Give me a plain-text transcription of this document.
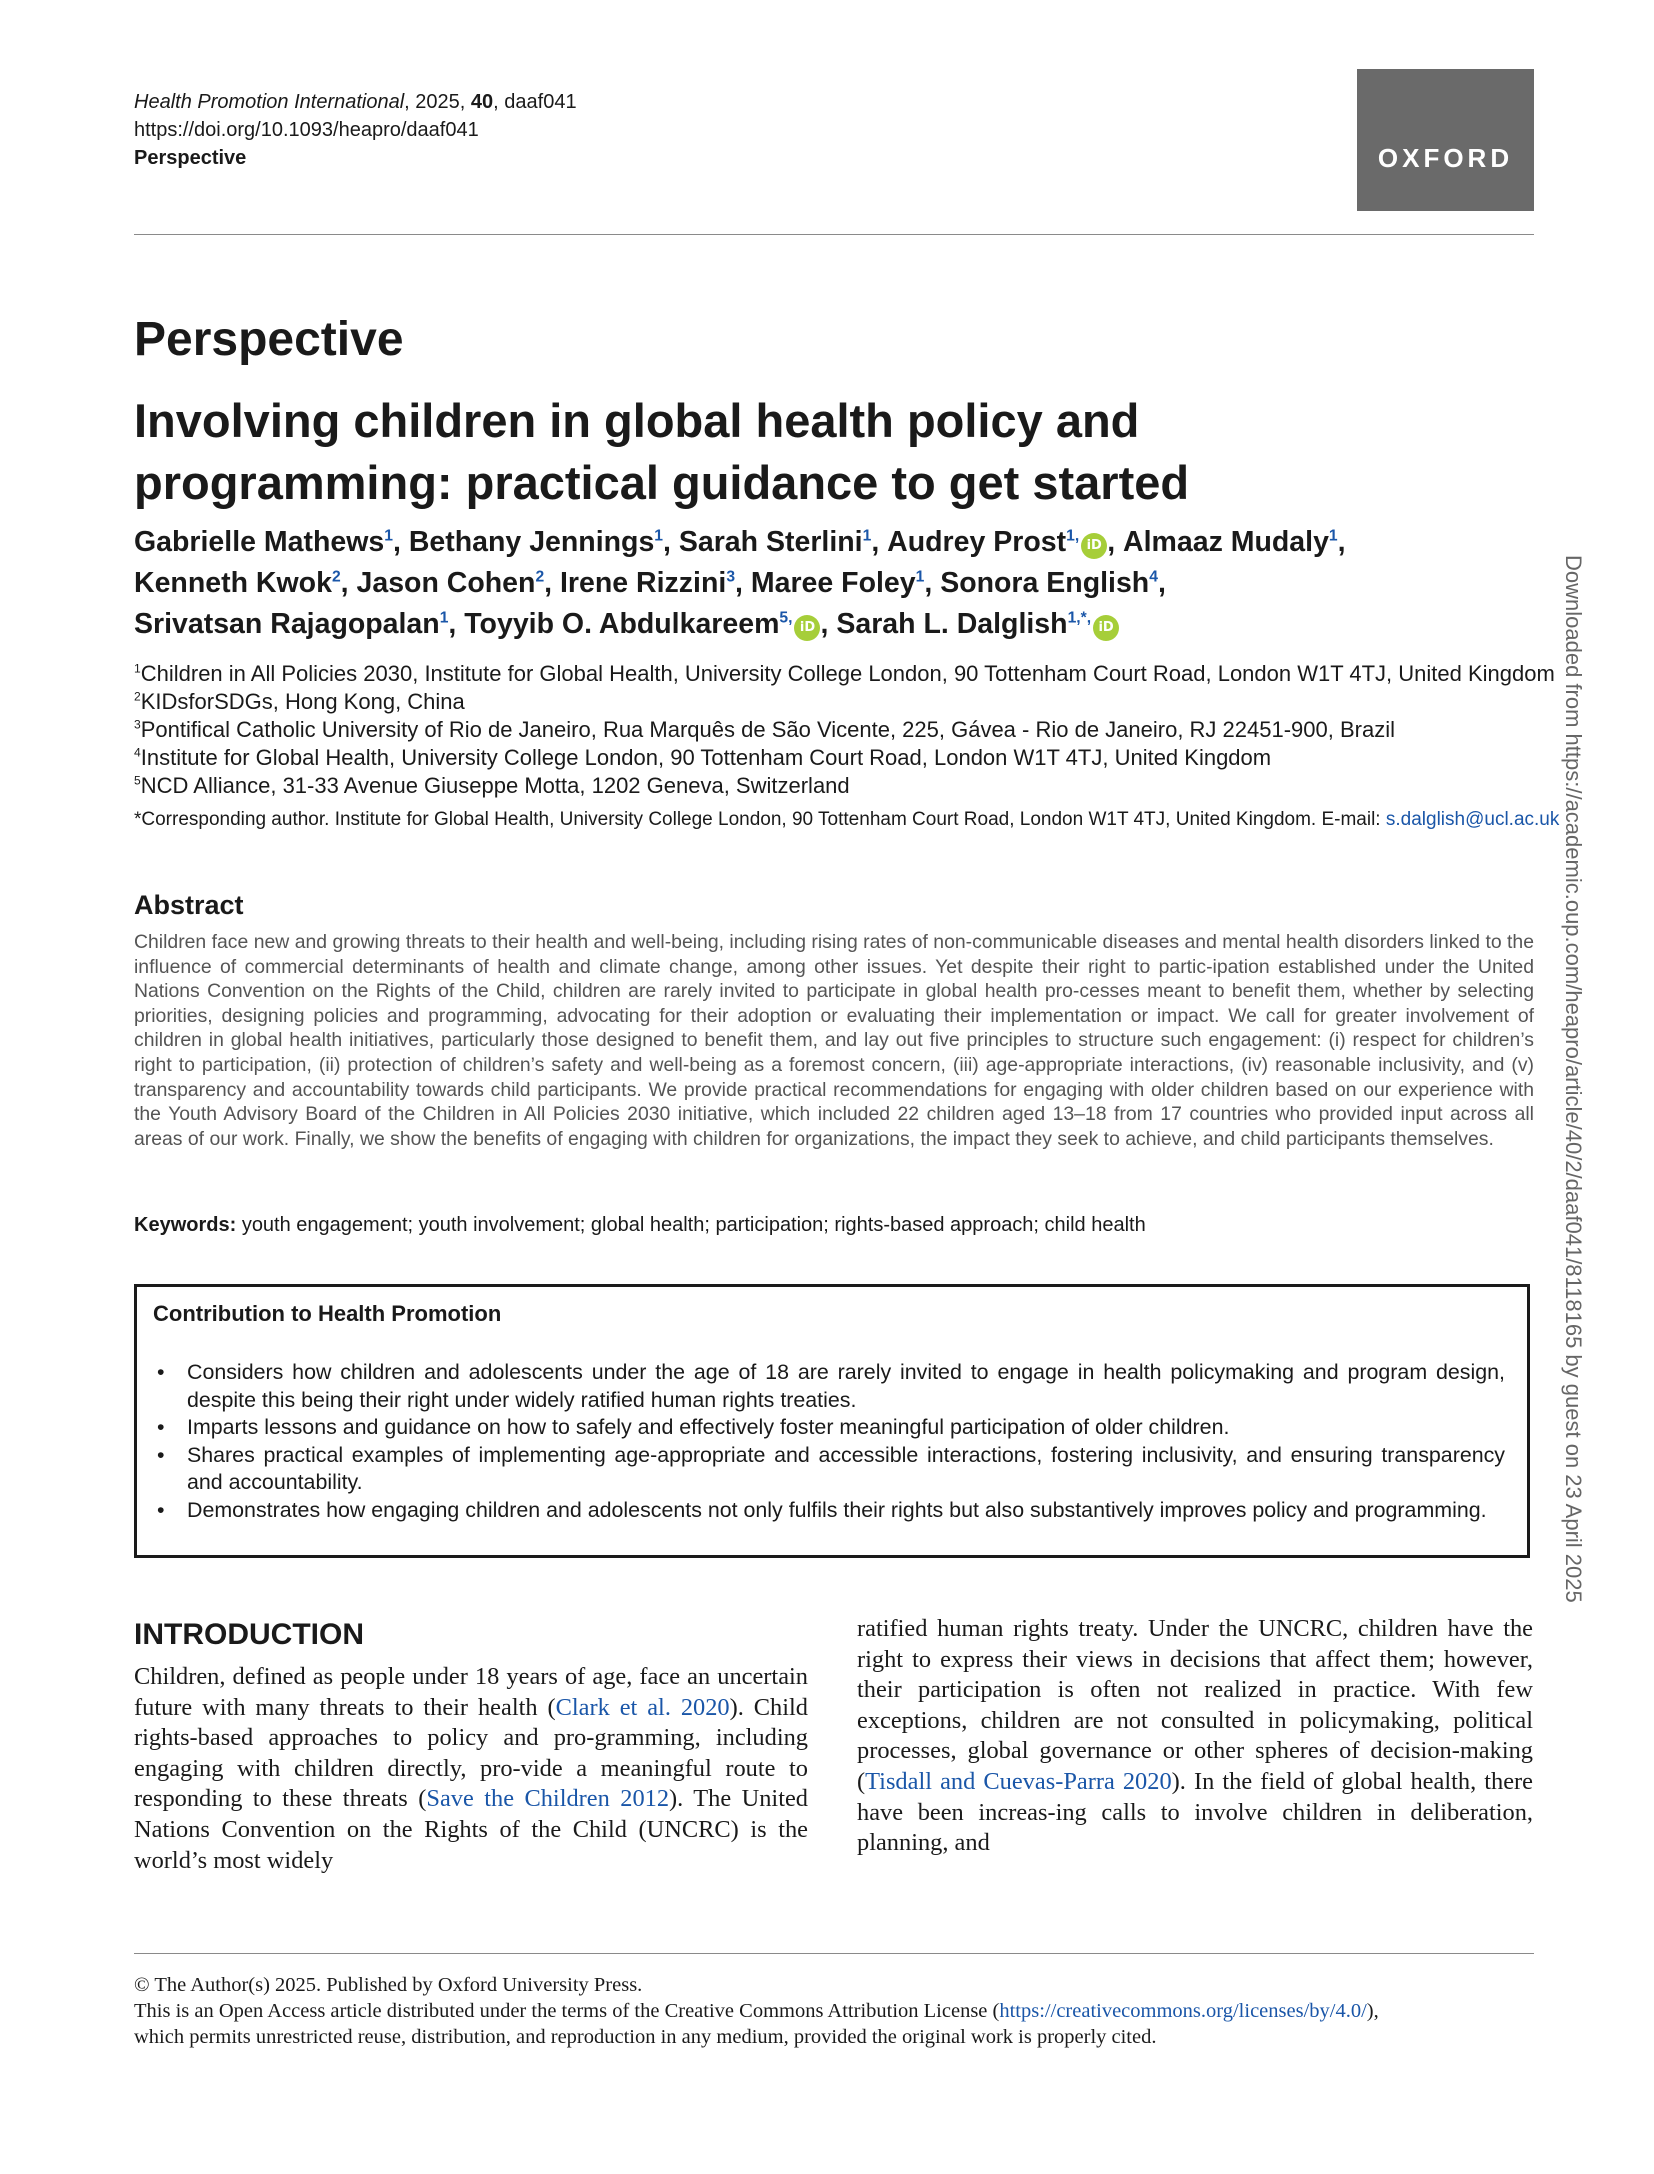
Health Promotion International, 2025, 40, daaf041
https://doi.org/10.1093/heapro/daaf041
Perspective	OXFORD
Perspective
Involving children in global health policy and
programming: practical guidance to get started
Gabrielle Mathews$^1$, Bethany Jennings$^1$, Sarah Sterlini$^1$, Audrey Prost$^{1,}$iD , Almaaz Mudaly$^1$,
Kenneth Kwok$^2$, Jason Cohen$^2$, Irene Rizzini$^3$, Maree Foley$^1$, Sonora English$^4$,
Srivatsan Rajagopalan$^1$, Toyyib O. Abdulkareem$^{5,}$iD , Sarah L. Dalglish$^{1,*,}$iD
$^1$Children in All Policies 2030, Institute for Global Health, University College London, 90 Tottenham Court Road, London W1T 4TJ, United Kingdom
$^2$KIDsforSDGs, Hong Kong, China
$^3$Pontifical Catholic University of Rio de Janeiro, Rua Marquês de São Vicente, 225, Gávea - Rio de Janeiro, RJ 22451-900, Brazil
$^4$Institute for Global Health, University College London, 90 Tottenham Court Road, London W1T 4TJ, United Kingdom
$^5$NCD Alliance, 31-33 Avenue Giuseppe Motta, 1202 Geneva, Switzerland
*Corresponding author. Institute for Global Health, University College London, 90 Tottenham Court Road, London W1T 4TJ, United Kingdom. E-mail: s.dalglish@ucl.ac.uk
Abstract

Children face new and growing threats to their health and well-being, including rising rates of non-communicable diseases and mental health disorders linked to the influence of commercial determinants of health and climate change, among other issues. Yet despite their right to partic-ipation established under the United Nations Convention on the Rights of the Child, children are rarely invited to participate in global health pro-cesses meant to benefit them, whether by selecting priorities, designing policies and programming, advocating for their adoption or evaluating their implementation or impact. We call for greater involvement of children in global health initiatives, particularly those designed to benefit them, and lay out five principles to structure such engagement: (i) respect for children’s right to participation, (ii) protection of children’s safety and well-being as a foremost concern, (iii) age-appropriate interactions, (iv) reasonable inclusivity, and (v) transparency and accountability towards child participants. We provide practical recommendations for engaging with older children based on our experience with the Youth Advisory Board of the Children in All Policies 2030 initiative, which included 22 children aged 13–18 from 17 countries who provided input across all areas of our work. Finally, we show the benefits of engaging with children for organizations, the impact they seek to achieve, and child participants themselves.

Keywords: youth engagement; youth involvement; global health; participation; rights-based approach; child health
Contribution to Health Promotion
• Considers how children and adolescents under the age of 18 are rarely invited to engage in health policymaking and program design, despite this being their right under widely ratified human rights treaties.
• Imparts lessons and guidance on how to safely and effectively foster meaningful participation of older children.
• Shares practical examples of implementing age-appropriate and accessible interactions, fostering inclusivity, and ensuring transparency and accountability.
• Demonstrates how engaging children and adolescents not only fulfils their rights but also substantively improves policy and programming.
INTRODUCTION
Children, defined as people under 18 years of age, face an uncertain future with many threats to their health (Clark et al. 2020). Child rights-based approaches to policy and pro-gramming, including engaging with children directly, pro-vide a meaningful route to responding to these threats (Save the Children 2012). The United Nations Convention on the Rights of the Child (UNCRC) is the world’s most widely
ratified human rights treaty. Under the UNCRC, children have the right to express their views in decisions that affect them; however, their participation is often not realized in practice. With few exceptions, children are not consulted in policymaking, political processes, global governance or other spheres of decision-making (Tisdall and Cuevas-Parra 2020). In the field of global health, there have been increas-ing calls to involve children in deliberation, planning, and
© The Author(s) 2025. Published by Oxford University Press.
This is an Open Access article distributed under the terms of the Creative Commons Attribution License (https://creativecommons.org/licenses/by/4.0/),
which permits unrestricted reuse, distribution, and reproduction in any medium, provided the original work is properly cited.
Downloaded from https://academic.oup.com/heapro/article/40/2/daaf041/8118165 by guest on 23 April 2025
